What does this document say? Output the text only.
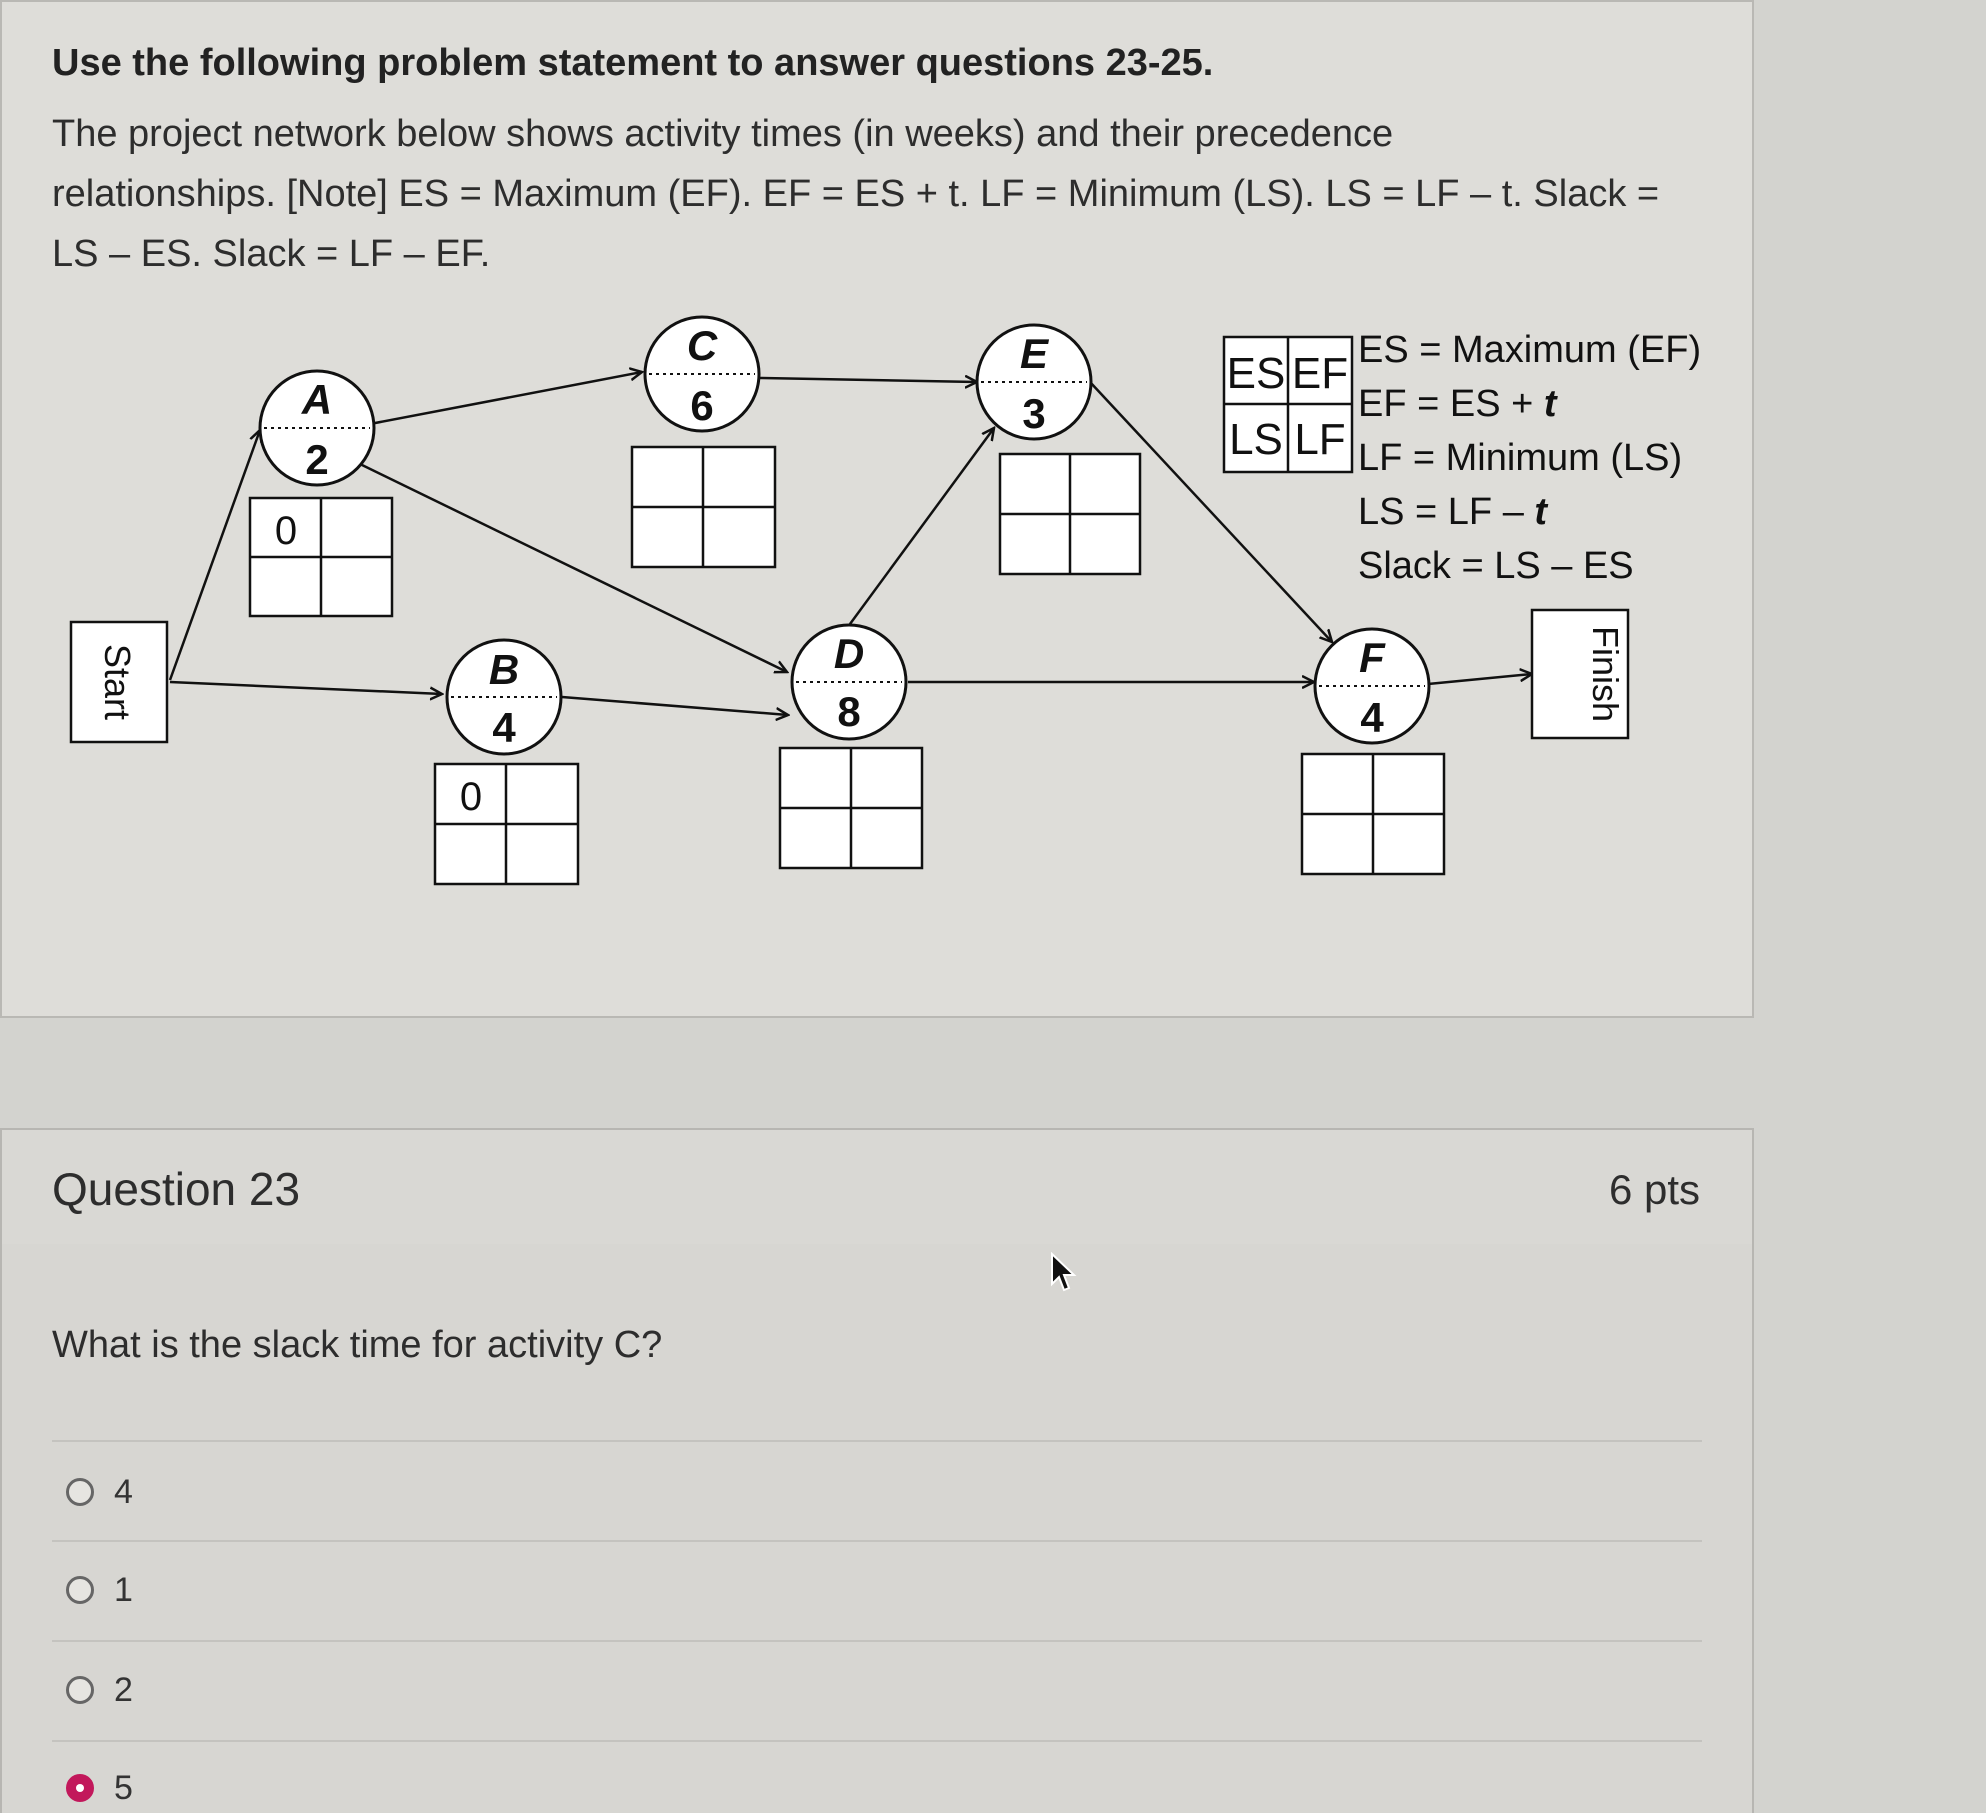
Use the following problem statement to answer questions 23-25.

The project network below shows activity times (in weeks) and their precedence

relationships. [Note] ES = Maximum (EF). EF = ES + t. LF = Minimum (LS). LS = LF – t. Slack =

LS – ES. Slack = LF – EF.

Start	Finish
A
2
0
B
4
0
C
6
D
8
E
3
F
4
ES EF
LS LF
ES = Maximum (EF)
EF = ES + t
LF = Minimum (LS)
LS = LF – t
Slack = LS – ES
Question 23	6 pts
What is the slack time for activity C?
4
1
2
5
